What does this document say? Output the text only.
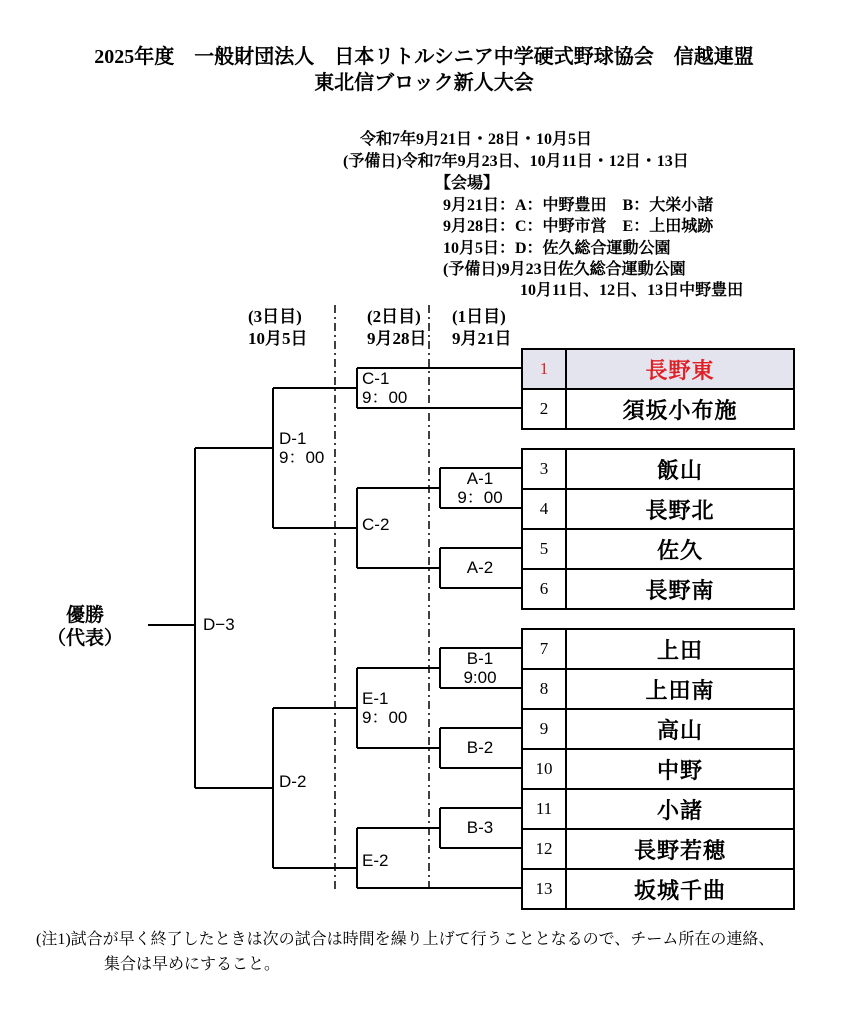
2025年度　一般財団法人　日本リトルシニア中学硬式野球協会　信越連盟
東北信ブロック新人大会
令和7年9月21日・28日・10月5日
(予備日)令和7年9月23日、10月11日・12日・13日
【会場】
9月21日：A：中野豊田　B：大栄小諸
9月28日：C：中野市営　E：上田城跡
10月5日：D：佐久総合運動公園
(予備日)9月23日佐久総合運動公園
10月11日、12日、13日中野豊田
(3日目)
10月5日
(2日目)
9月28日
(1日目)
9月21日
C-1
9：00
D-1
9：00
C-2
A-1
9：00
A-2
B-1
9:00
B-2
B-3
E-1
9：00
E-2
D-2
D−3
優勝
（代表）
1	長野東
2	須坂小布施
3	飯山
4	長野北
5	佐久
6	長野南
7	上田
8	上田南
9	高山
10	中野
11	小諸
12	長野若穂
13	坂城千曲
(注1)試合が早く終了したときは次の試合は時間を繰り上げて行うこととなるので、チーム所在の連絡、
集合は早めにすること。
